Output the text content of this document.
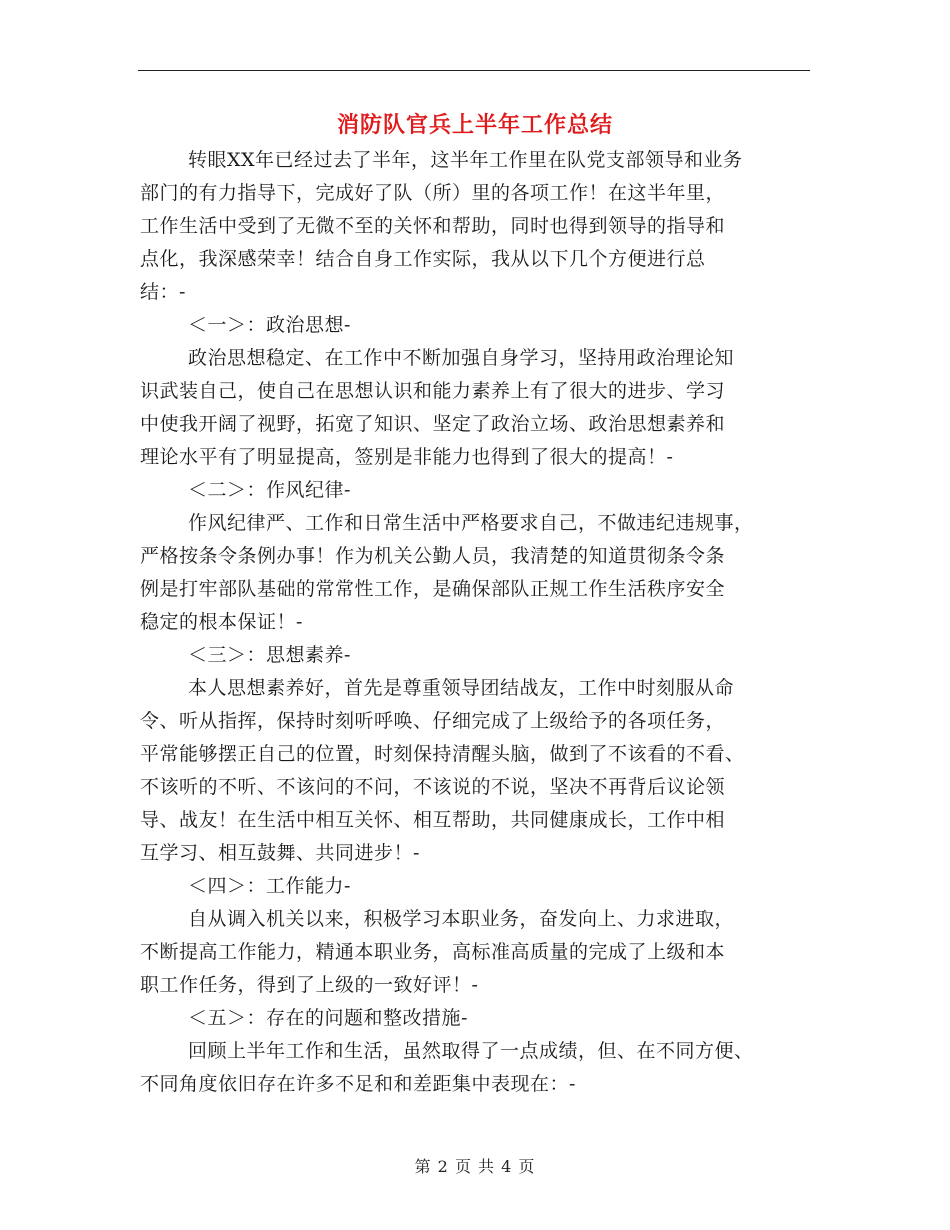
消防队官兵上半年工作总结
转眼XX年已经过去了半年，这半年工作里在队党支部领导和业务
部门的有力指导下，完成好了队（所）里的各项工作！在这半年里，
工作生活中受到了无微不至的关怀和帮助，同时也得到领导的指导和
点化，我深感荣幸！结合自身工作实际，我从以下几个方便进行总
结：-
＜一＞：政治思想-
政治思想稳定、在工作中不断加强自身学习，坚持用政治理论知
识武装自己，使自己在思想认识和能力素养上有了很大的进步、学习
中使我开阔了视野，拓宽了知识、坚定了政治立场、政治思想素养和
理论水平有了明显提高，签别是非能力也得到了很大的提高！-
＜二＞：作风纪律-
作风纪律严、工作和日常生活中严格要求自己，不做违纪违规事，
严格按条令条例办事！作为机关公勤人员，我清楚的知道贯彻条令条
例是打牢部队基础的常常性工作，是确保部队正规工作生活秩序安全
稳定的根本保证！-
＜三＞：思想素养-
本人思想素养好，首先是尊重领导团结战友，工作中时刻服从命
令、听从指挥，保持时刻听呼唤、仔细完成了上级给予的各项任务，
平常能够摆正自己的位置，时刻保持清醒头脑，做到了不该看的不看、
不该听的不听、不该问的不问，不该说的不说，坚决不再背后议论领
导、战友！在生活中相互关怀、相互帮助，共同健康成长，工作中相
互学习、相互鼓舞、共同进步！-
＜四＞：工作能力-
自从调入机关以来，积极学习本职业务，奋发向上、力求进取，
不断提高工作能力，精通本职业务，高标准高质量的完成了上级和本
职工作任务，得到了上级的一致好评！-
＜五＞：存在的问题和整改措施-
回顾上半年工作和生活，虽然取得了一点成绩，但、在不同方便、
不同角度依旧存在许多不足和和差距集中表现在：-
第 2 页 共 4 页
